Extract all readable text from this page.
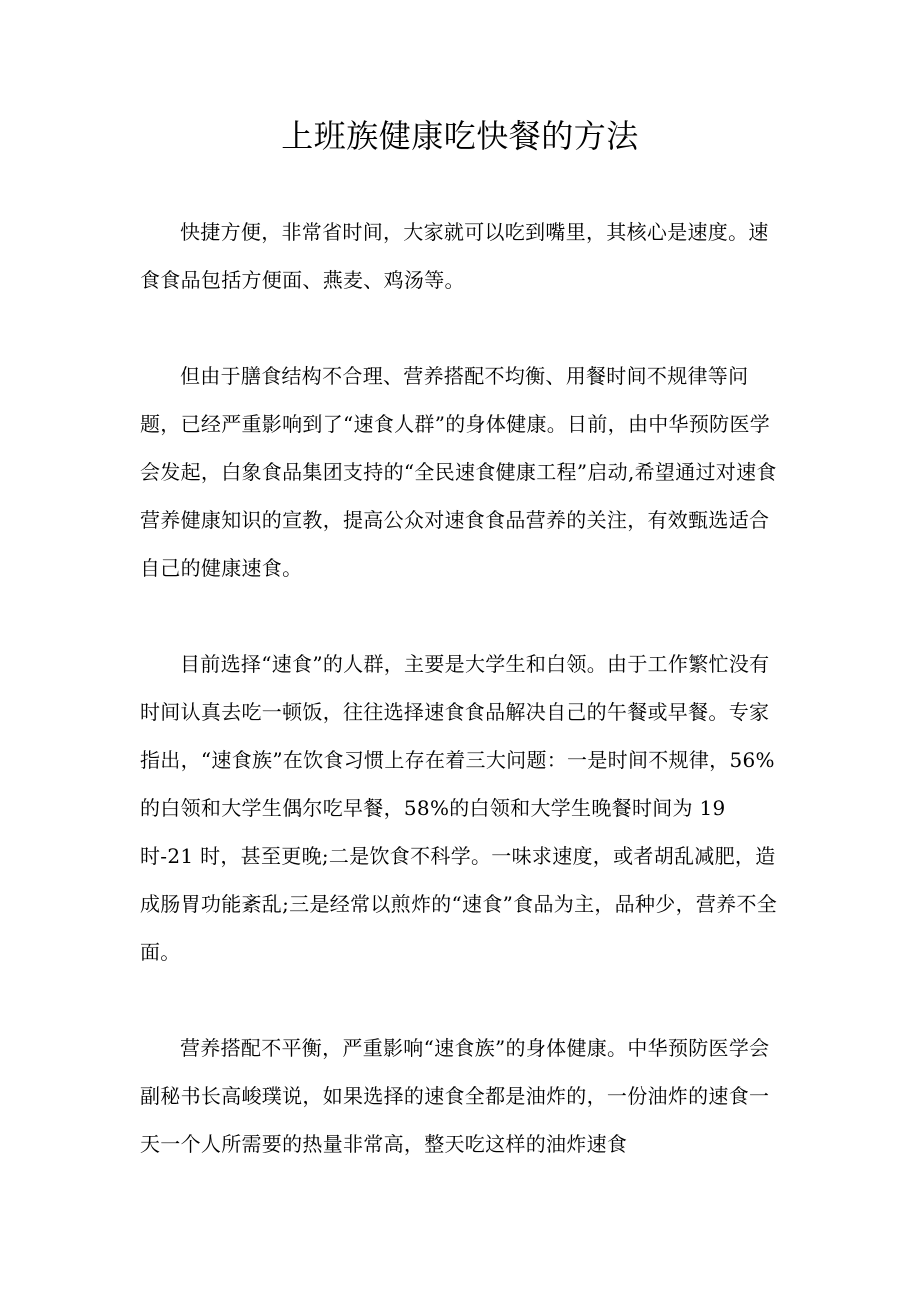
上班族健康吃快餐的方法

快捷方便，非常省时间，大家就可以吃到嘴里，其核心是速度。速食食品包括方便面、燕麦、鸡汤等。

但由于膳食结构不合理、营养搭配不均衡、用餐时间不规律等问题，已经严重影响到了“速食人群”的身体健康。日前，由中华预防医学会发起，白象食品集团支持的“全民速食健康工程”启动,希望通过对速食营养健康知识的宣教，提高公众对速食食品营养的关注，有效甄选适合自己的健康速食。

目前选择“速食”的人群，主要是大学生和白领。由于工作繁忙没有时间认真去吃一顿饭，往往选择速食食品解决自己的午餐或早餐。专家指出，“速食族”在饮食习惯上存在着三大问题：一是时间不规律，56%的白领和大学生偶尔吃早餐，58%的白领和大学生晚餐时间为 19 时-21 时，甚至更晚;二是饮食不科学。一味求速度，或者胡乱减肥，造成肠胃功能紊乱;三是经常以煎炸的“速食”食品为主，品种少，营养不全面。

营养搭配不平衡，严重影响“速食族”的身体健康。中华预防医学会副秘书长高峻璞说，如果选择的速食全都是油炸的，一份油炸的速食一天一个人所需要的热量非常高，整天吃这样的油炸速食
